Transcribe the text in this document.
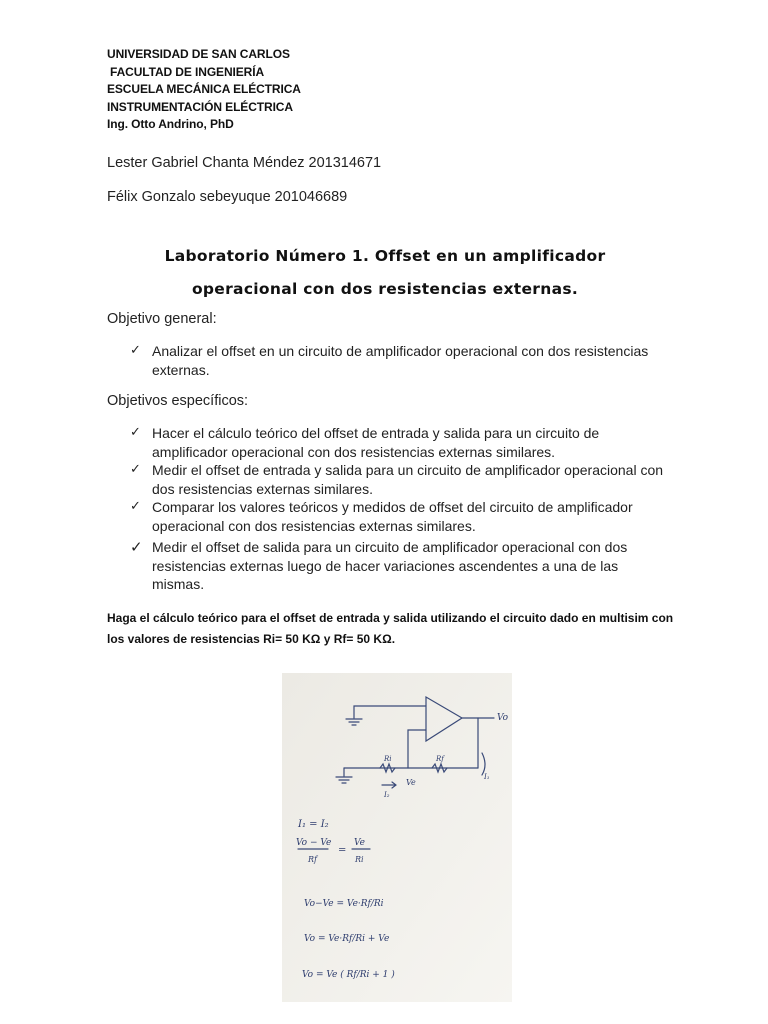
UNIVERSIDAD DE SAN CARLOS
FACULTAD DE INGENIERÍA
ESCUELA MECÁNICA ELÉCTRICA
INSTRUMENTACIÓN ELÉCTRICA
Ing. Otto Andrino, PhD
Lester Gabriel Chanta Méndez 201314671
Félix Gonzalo sebeyuque 201046689
Laboratorio Número 1. Offset en un amplificador
operacional con dos resistencias externas.
Objetivo general:
✓ Analizar el offset en un circuito de amplificador operacional con dos resistencias externas.
Objetivos específicos:
✓ Hacer el cálculo teórico del offset de entrada y salida para un circuito de amplificador operacional con dos resistencias externas similares.
✓ Medir el offset de entrada y salida para un circuito de amplificador operacional con dos resistencias externas similares.
✓ Comparar los valores teóricos y medidos de offset del circuito de amplificador operacional con dos resistencias externas similares.
✓ Medir el offset de salida para un circuito de amplificador operacional con dos resistencias externas luego de hacer variaciones ascendentes a una de las mismas.
Haga el cálculo teórico para el offset de entrada y salida utilizando el circuito dado en multisim con los valores de resistencias Ri= 50 KΩ y Rf= 50 KΩ.
Vo
Ri	Rf
I₂
I₁
Ve
I₁ = I₂
Vo − Ve
Rf
=
Ve
Ri
Vo−Ve = Ve·Rf/Ri
Vo = Ve·Rf/Ri + Ve
Vo = Ve ( Rf/Ri + 1 )
